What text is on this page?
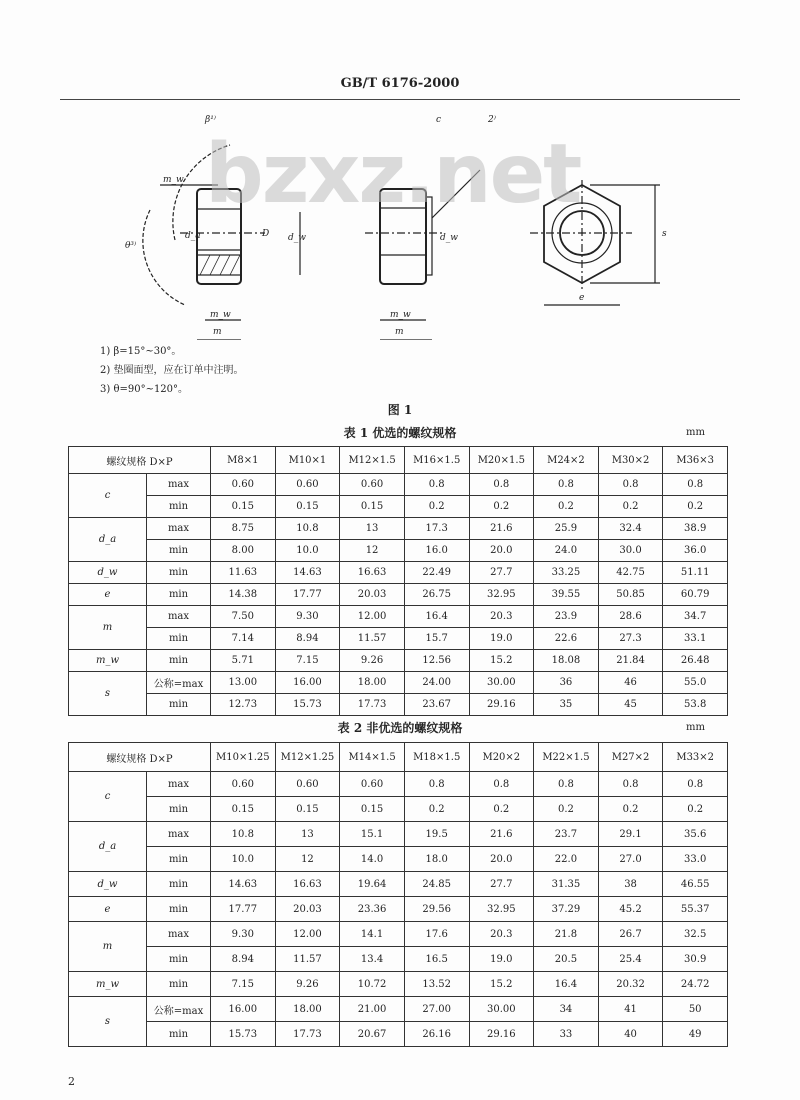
GB/T 6176-2000
bzxz.net
β¹⁾
m_w
θ³⁾
d_a	D d_w
m_w
m
c	2⁾
d_w
m_w
m
s
e
1) β=15°~30°。
2) 垫圈面型，应在订单中注明。
3) θ=90°~120°。
图 1
表 1 优选的螺纹规格	mm
螺纹规格 D×P		M8×1	M10×1	M12×1.5	M16×1.5	M20×1.5	M24×2	M30×2	M36×3
c	max	0.60	0.60	0.60	0.8	0.8	0.8	0.8	0.8
	min	0.15	0.15	0.15	0.2	0.2	0.2	0.2	0.2
d_a	max	8.75	10.8	13	17.3	21.6	25.9	32.4	38.9
	min	8.00	10.0	12	16.0	20.0	24.0	30.0	36.0
d_w	min	11.63	14.63	16.63	22.49	27.7	33.25	42.75	51.11
e	min	14.38	17.77	20.03	26.75	32.95	39.55	50.85	60.79
m	max	7.50	9.30	12.00	16.4	20.3	23.9	28.6	34.7
	min	7.14	8.94	11.57	15.7	19.0	22.6	27.3	33.1
m_w	min	5.71	7.15	9.26	12.56	15.2	18.08	21.84	26.48
s	公称=max	13.00	16.00	18.00	24.00	30.00	36	46	55.0
	min	12.73	15.73	17.73	23.67	29.16	35	45	53.8
表 2 非优选的螺纹规格	mm
螺纹规格 D×P		M10×1.25	M12×1.25	M14×1.5	M18×1.5	M20×2	M22×1.5	M27×2	M33×2
c	max	0.60	0.60	0.60	0.8	0.8	0.8	0.8	0.8
	min	0.15	0.15	0.15	0.2	0.2	0.2	0.2	0.2
d_a	max	10.8	13	15.1	19.5	21.6	23.7	29.1	35.6
	min	10.0	12	14.0	18.0	20.0	22.0	27.0	33.0
d_w	min	14.63	16.63	19.64	24.85	27.7	31.35	38	46.55
e	min	17.77	20.03	23.36	29.56	32.95	37.29	45.2	55.37
m	max	9.30	12.00	14.1	17.6	20.3	21.8	26.7	32.5
	min	8.94	11.57	13.4	16.5	19.0	20.5	25.4	30.9
m_w	min	7.15	9.26	10.72	13.52	15.2	16.4	20.32	24.72
s	公称=max	16.00	18.00	21.00	27.00	30.00	34	41	50
	min	15.73	17.73	20.67	26.16	29.16	33	40	49
2
